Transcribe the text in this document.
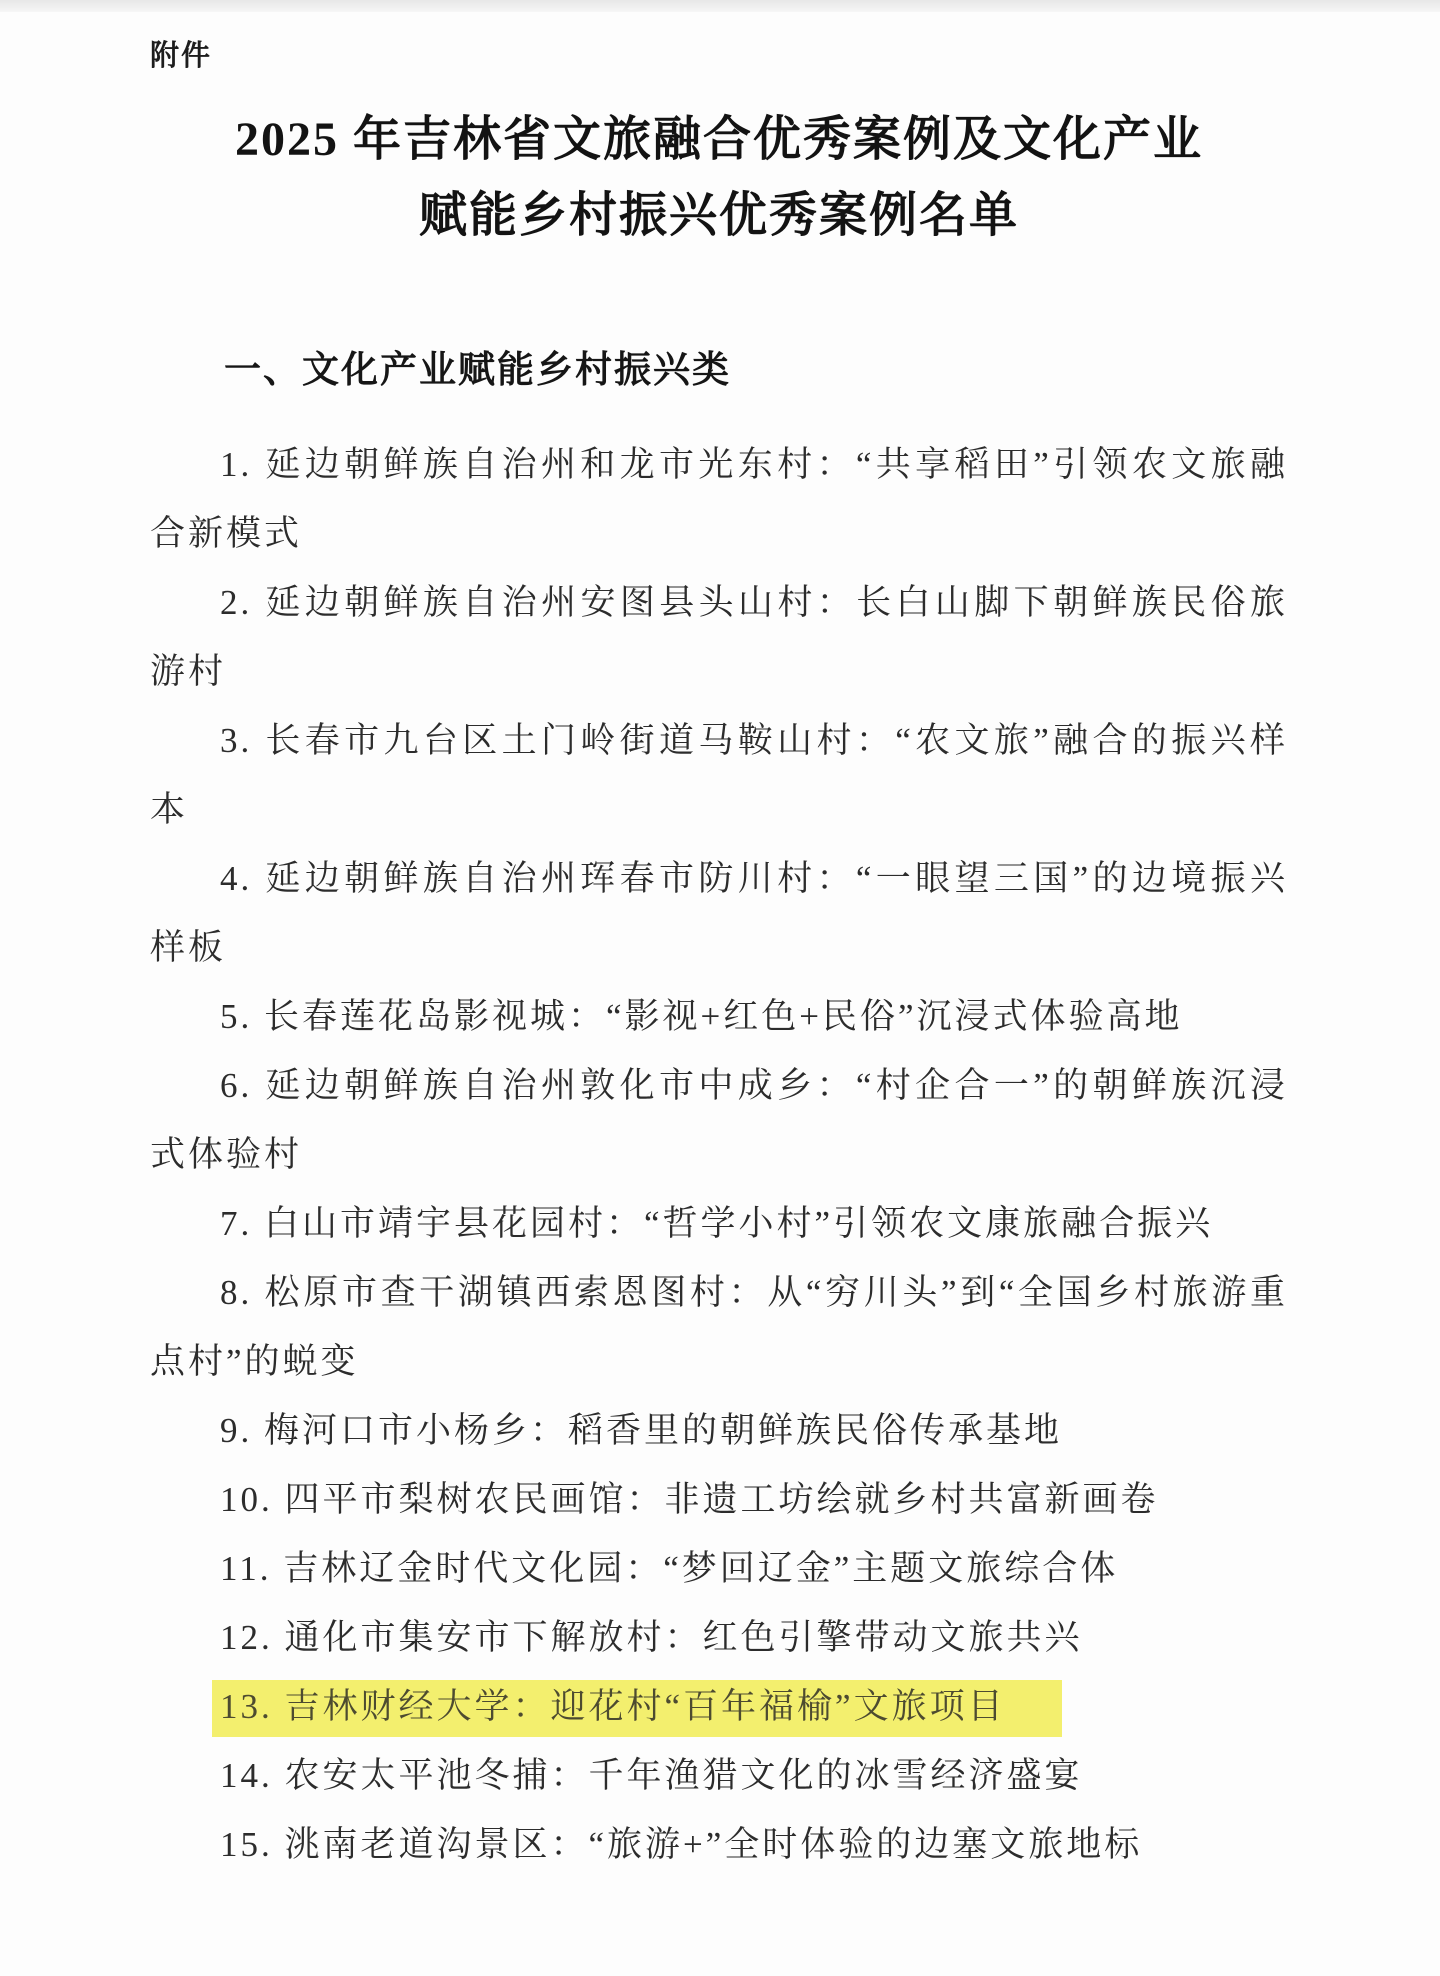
附件
2025 年吉林省文旅融合优秀案例及文化产业
赋能乡村振兴优秀案例名单
一、文化产业赋能乡村振兴类

1. 延边朝鲜族自治州和龙市光东村：“共享稻田”引领农文旅融合新模式

2. 延边朝鲜族自治州安图县头山村：长白山脚下朝鲜族民俗旅游村

3. 长春市九台区土门岭街道马鞍山村：“农文旅”融合的振兴样本

4. 延边朝鲜族自治州珲春市防川村：“一眼望三国”的边境振兴样板

5. 长春莲花岛影视城：“影视+红色+民俗”沉浸式体验高地

6. 延边朝鲜族自治州敦化市中成乡：“村企合一”的朝鲜族沉浸式体验村

7. 白山市靖宇县花园村：“哲学小村”引领农文康旅融合振兴

8. 松原市查干湖镇西索恩图村：从“穷川头”到“全国乡村旅游重点村”的蜕变

9. 梅河口市小杨乡：稻香里的朝鲜族民俗传承基地

10. 四平市梨树农民画馆：非遗工坊绘就乡村共富新画卷

11. 吉林辽金时代文化园：“梦回辽金”主题文旅综合体

12. 通化市集安市下解放村：红色引擎带动文旅共兴

13. 吉林财经大学：迎花村“百年福榆”文旅项目

14. 农安太平池冬捕：千年渔猎文化的冰雪经济盛宴

15. 洮南老道沟景区：“旅游+”全时体验的边塞文旅地标
